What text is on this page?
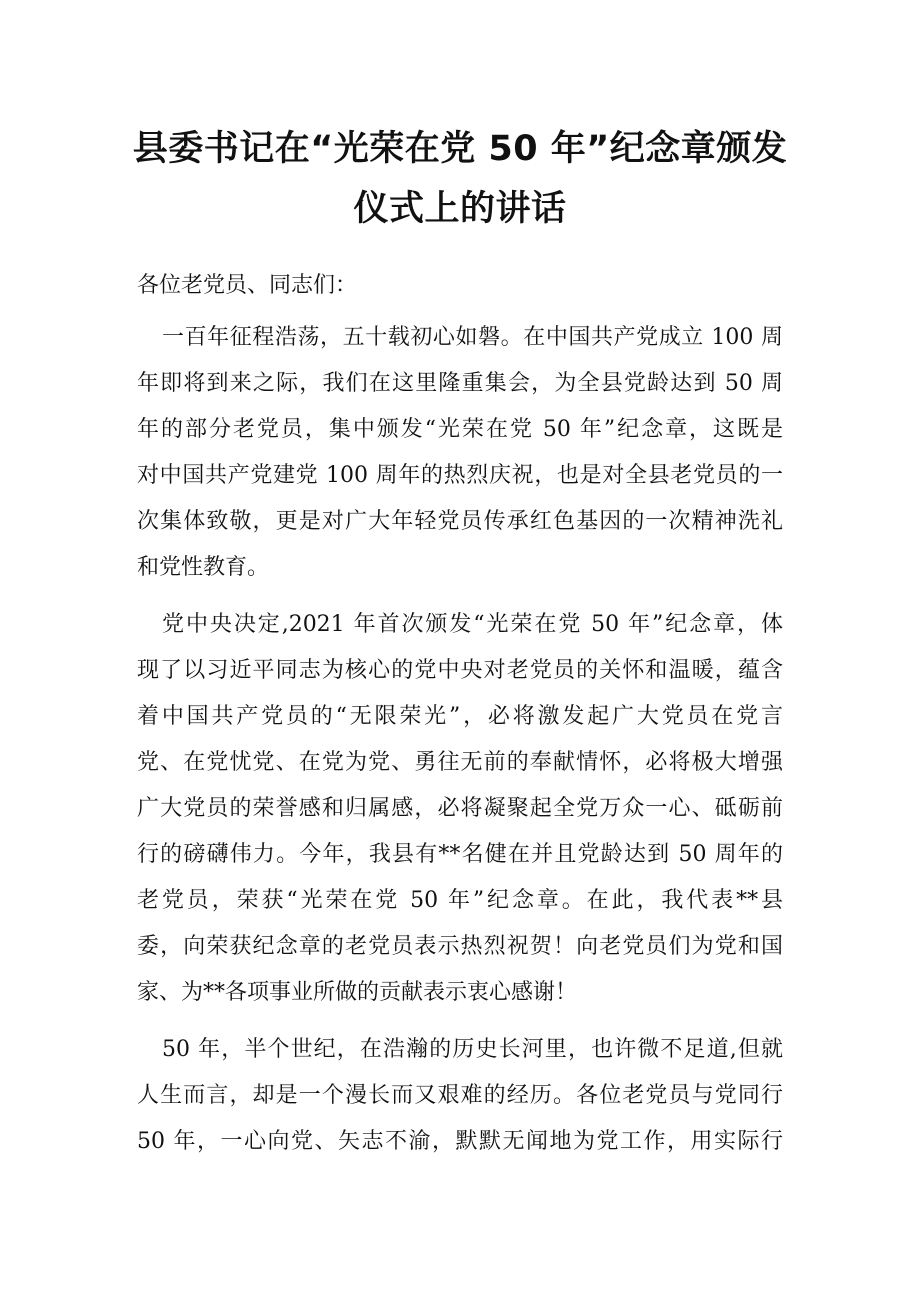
县委书记在“光荣在党 50 年”纪念章颁发
仪式上的讲话
各位老党员、同志们：
一百年征程浩荡，五十载初心如磐。在中国共产党成立 100 周
年即将到来之际，我们在这里隆重集会，为全县党龄达到 50 周
年的部分老党员，集中颁发“光荣在党 50 年”纪念章，这既是
对中国共产党建党 100 周年的热烈庆祝，也是对全县老党员的一
次集体致敬，更是对广大年轻党员传承红色基因的一次精神洗礼
和党性教育。
党中央决定,2021 年首次颁发“光荣在党 50 年”纪念章，体
现了以习近平同志为核心的党中央对老党员的关怀和温暖，蕴含
着中国共产党员的“无限荣光”，必将激发起广大党员在党言
党、在党忧党、在党为党、勇往无前的奉献情怀，必将极大增强
广大党员的荣誉感和归属感，必将凝聚起全党万众一心、砥砺前
行的磅礴伟力。今年，我县有**名健在并且党龄达到 50 周年的
老党员，荣获“光荣在党 50 年”纪念章。在此，我代表**县
委，向荣获纪念章的老党员表示热烈祝贺！向老党员们为党和国
家、为**各项事业所做的贡献表示衷心感谢！
50 年，半个世纪，在浩瀚的历史长河里，也许微不足道,但就
人生而言，却是一个漫长而又艰难的经历。各位老党员与党同行
50 年，一心向党、矢志不渝，默默无闻地为党工作，用实际行
